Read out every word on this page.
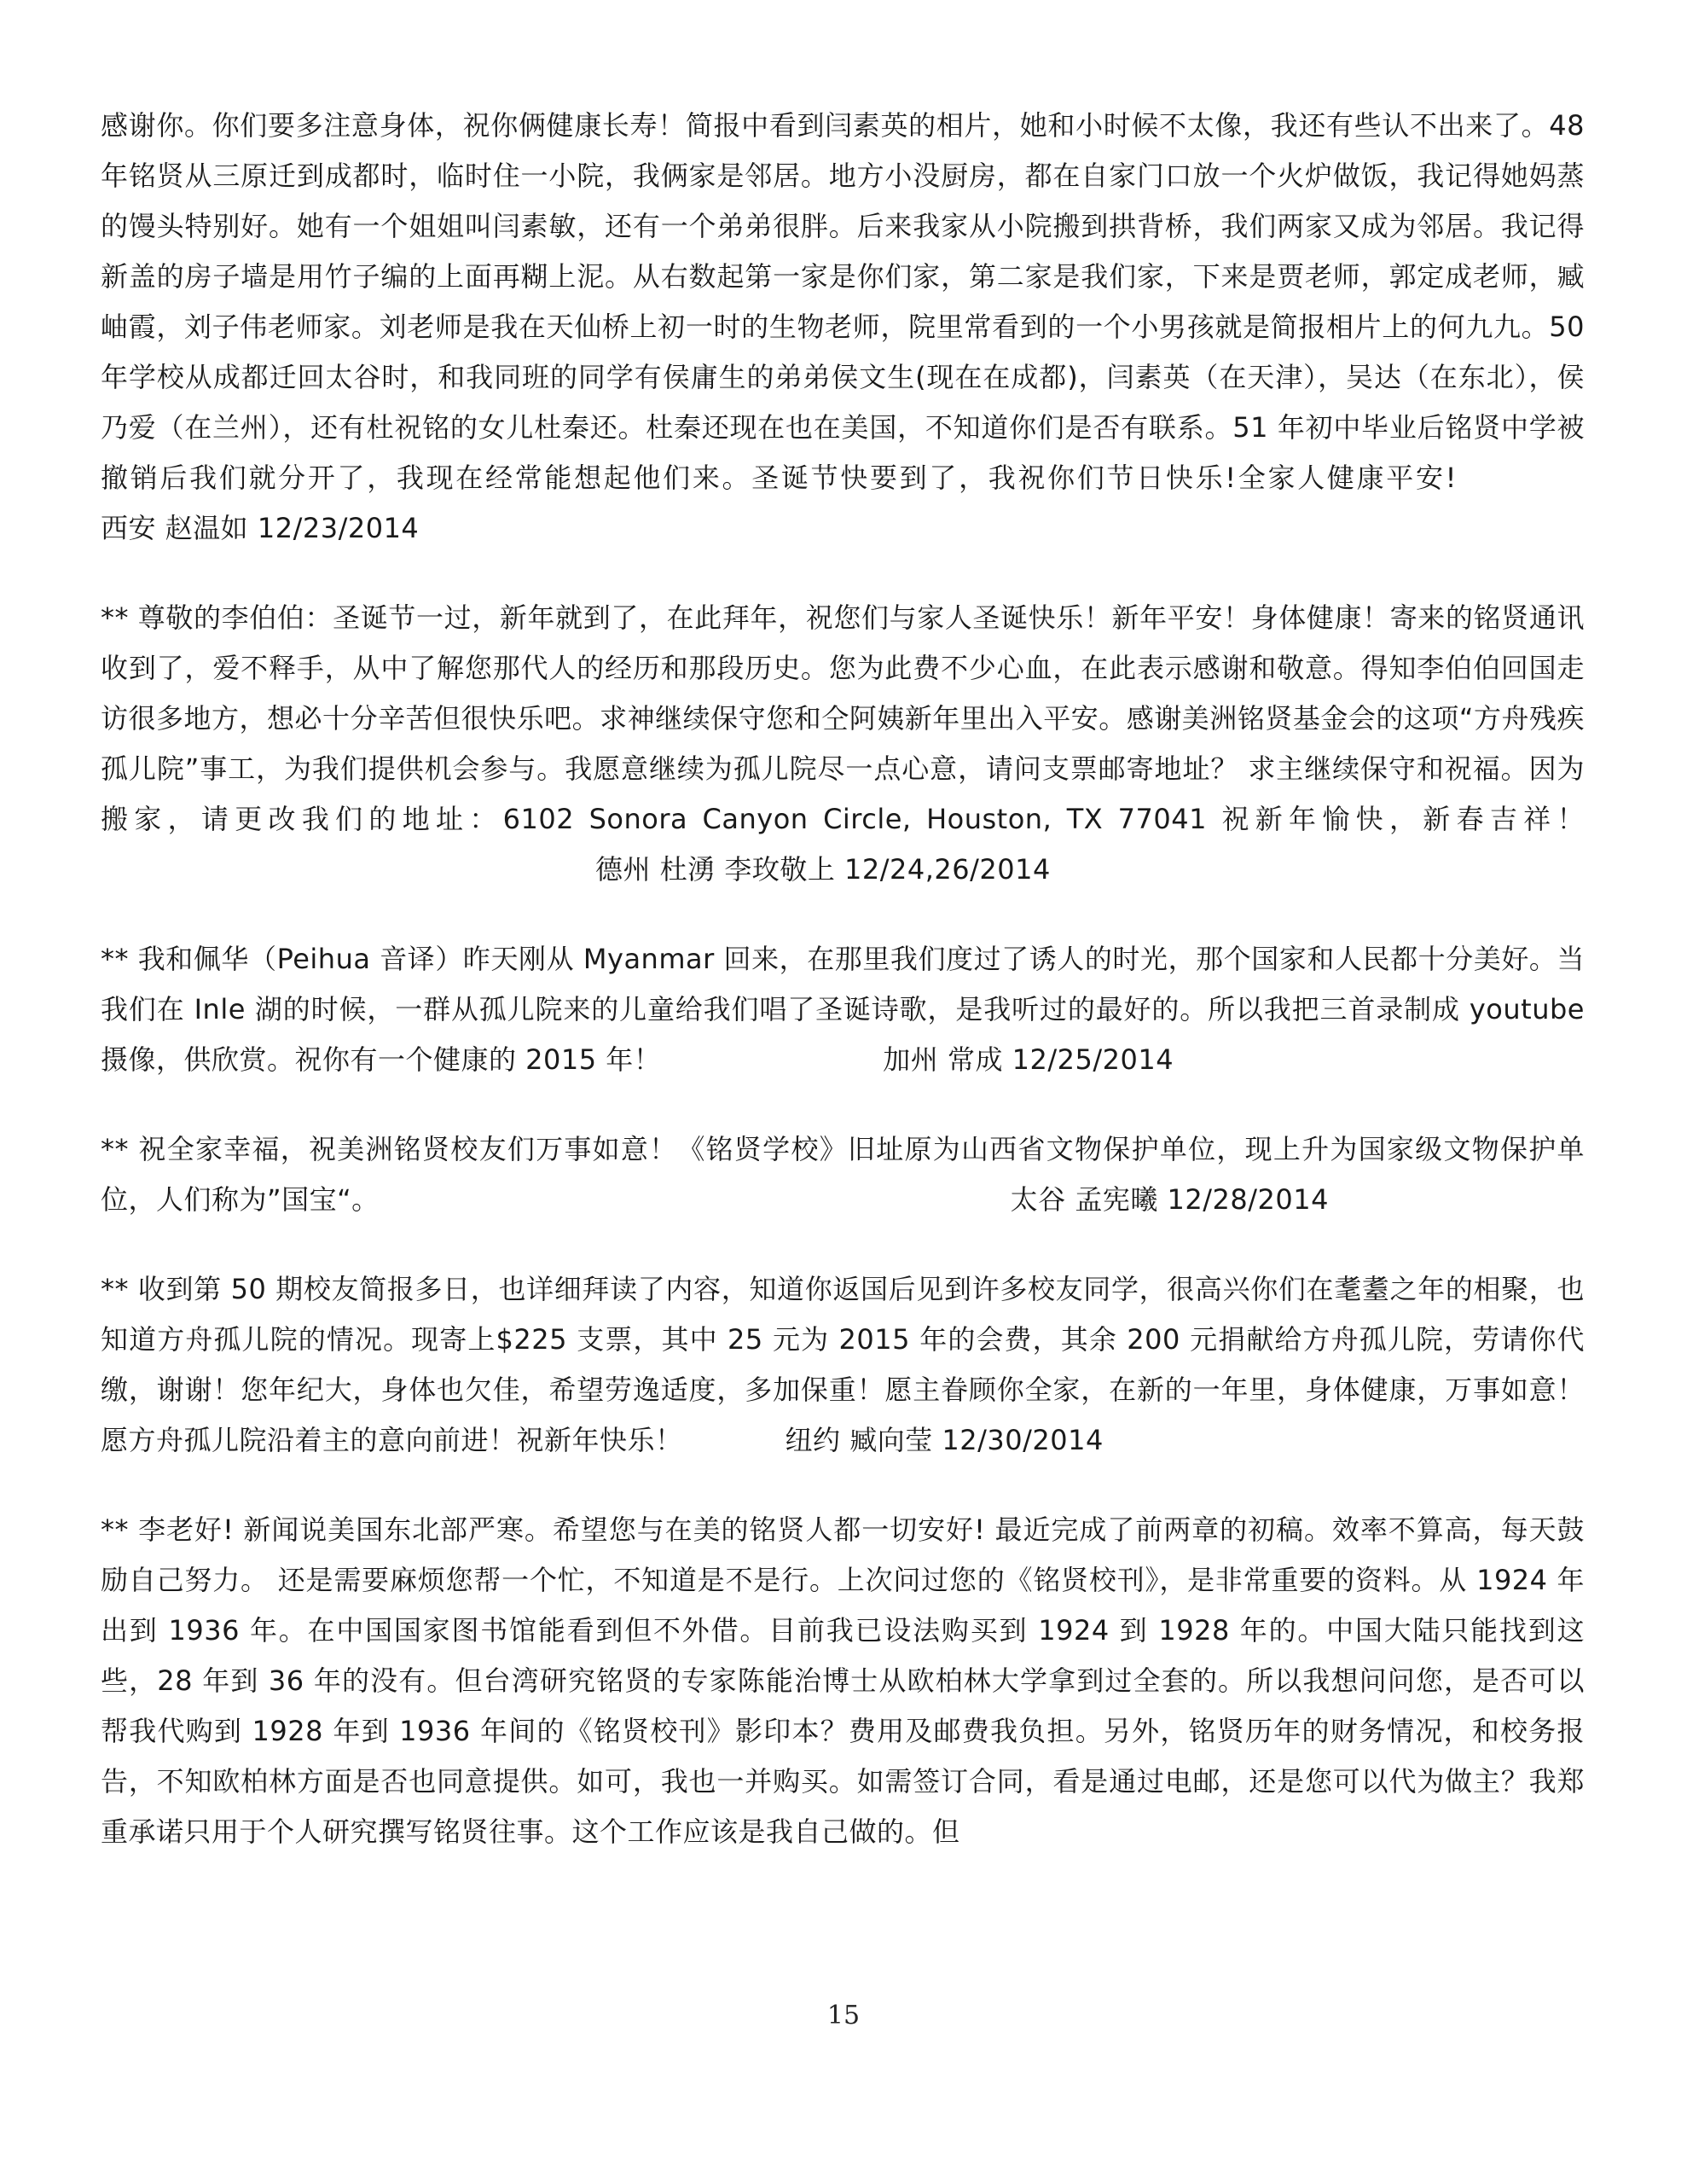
感谢你。你们要多注意身体，祝你俩健康长寿！简报中看到闫素英的相片，她和小时候不太像，我还有些认不出来了。48 年铭贤从三原迁到成都时，临时住一小院，我俩家是邻居。地方小没厨房，都在自家门口放一个火炉做饭，我记得她妈蒸的馒头特别好。她有一个姐姐叫闫素敏，还有一个弟弟很胖。后来我家从小院搬到拱背桥，我们两家又成为邻居。我记得新盖的房子墙是用竹子编的上面再糊上泥。从右数起第一家是你们家，第二家是我们家，下来是贾老师，郭定成老师，臧岫霞，刘子伟老师家。刘老师是我在天仙桥上初一时的生物老师，院里常看到的一个小男孩就是简报相片上的何九九。50 年学校从成都迁回太谷时，和我同班的同学有侯庸生的弟弟侯文生(现在在成都)，闫素英（在天津），吴达（在东北），侯乃爱（在兰州），还有杜祝铭的女儿杜秦还。杜秦还现在也在美国，不知道你们是否有联系。51 年初中毕业后铭贤中学被撤销后我们就分开了，我现在经常能想起他们来。圣诞节快要到了，我祝你们节日快乐!全家人健康平安!西安 赵温如 12/23/2014

** 尊敬的李伯伯：圣诞节一过，新年就到了，在此拜年，祝您们与家人圣诞快乐！新年平安！身体健康！寄来的铭贤通讯收到了，爱不释手，从中了解您那代人的经历和那段历史。您为此费不少心血，在此表示感谢和敬意。得知李伯伯回国走访很多地方，想必十分辛苦但很快乐吧。求神继续保守您和仝阿姨新年里出入平安。感谢美洲铭贤基金会的这项“方舟残疾孤儿院”事工，为我们提供机会参与。我愿意继续为孤儿院尽一点心意，请问支票邮寄地址？ 求主继续保守和祝福。因为搬家，请更改我们的地址：6102 Sonora Canyon Circle, Houston, TX 77041 祝新年愉快，新春吉祥！德州 杜湧 李玫敬上 12/24,26/2014

** 我和佩华（Peihua 音译）昨天刚从 Myanmar 回来，在那里我们度过了诱人的时光，那个国家和人民都十分美好。当我们在 Inle 湖的时候，一群从孤儿院来的儿童给我们唱了圣诞诗歌，是我听过的最好的。所以我把三首录制成 youtube 摄像，供欣赏。祝你有一个健康的 2015 年！	加州 常成 12/25/2014

** 祝全家幸福，祝美洲铭贤校友们万事如意！《铭贤学校》旧址原为山西省文物保护单位，现上升为国家级文物保护单位，人们称为”国宝“。	太谷 孟宪曦 12/28/2014

** 收到第 50 期校友简报多日，也详细拜读了内容，知道你返国后见到许多校友同学，很高兴你们在耄耋之年的相聚，也知道方舟孤儿院的情况。现寄上$225 支票，其中 25 元为 2015 年的会费，其余 200 元捐献给方舟孤儿院，劳请你代缴，谢谢！您年纪大，身体也欠佳，希望劳逸适度，多加保重！愿主眷顾你全家，在新的一年里，身体健康，万事如意！愿方舟孤儿院沿着主的意向前进！祝新年快乐！	纽约 臧向莹 12/30/2014

** 李老好! 新闻说美国东北部严寒。希望您与在美的铭贤人都一切安好! 最近完成了前两章的初稿。效率不算高，每天鼓励自己努力。 还是需要麻烦您帮一个忙，不知道是不是行。上次问过您的《铭贤校刊》，是非常重要的资料。从 1924 年出到 1936 年。在中国国家图书馆能看到但不外借。目前我已设法购买到 1924 到 1928 年的。中国大陆只能找到这些，28 年到 36 年的没有。但台湾研究铭贤的专家陈能治博士从欧柏林大学拿到过全套的。所以我想问问您，是否可以帮我代购到 1928 年到 1936 年间的《铭贤校刊》影印本？费用及邮费我负担。另外，铭贤历年的财务情况，和校务报告，不知欧柏林方面是否也同意提供。如可，我也一并购买。如需签订合同，看是通过电邮，还是您可以代为做主？我郑重承诺只用于个人研究撰写铭贤往事。这个工作应该是我自己做的。但

15
